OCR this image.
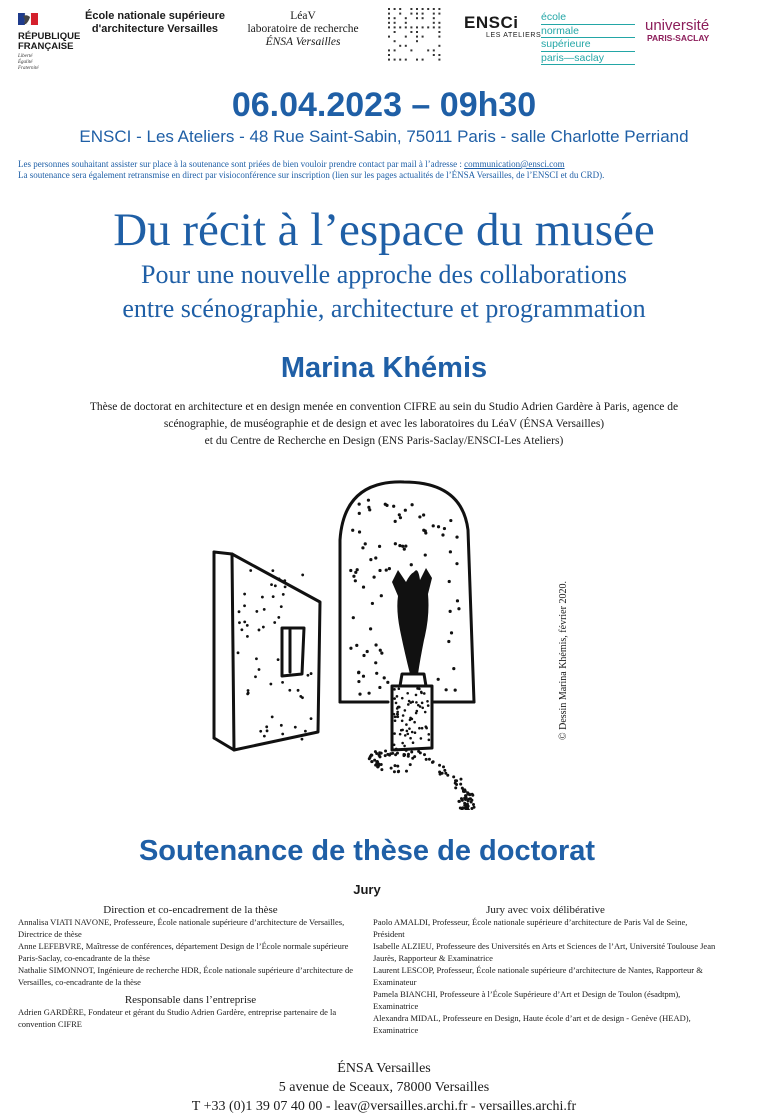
RÉPUBLIQUE
FRANÇAISE
Liberté
Égalité
Fraternité
École nationale supérieure d'architecture Versailles
LéaV
laboratoire de recherche
ÉNSA Versailles
ENSCi
LES ATELIERS
école
normale
supérieure
paris—saclay
université
PARIS-SACLAY
06.04.2023 – 09h30
ENSCI - Les Ateliers - 48 Rue Saint-Sabin, 75011 Paris - salle Charlotte Perriand
Les personnes souhaitant assister sur place à la soutenance sont priées de bien vouloir prendre contact par mail à l’adresse : communication@ensci.com
La soutenance sera également retransmise en direct par visioconférence sur inscription (lien sur les pages actualités de l’ÉNSA Versailles, de l’ENSCI et du CRD).
Du récit à l’espace du musée
Pour une nouvelle approche des collaborations
entre scénographie, architecture et programmation
Marina Khémis
Thèse de doctorat en architecture et en design menée en convention CIFRE au sein du Studio Adrien Gardère à Paris, agence de
scénographie, de muséographie et de design et avec les laboratoires du LéaV (ÉNSA Versailles)
et du Centre de Recherche en Design (ENS Paris-Saclay/ENSCI-Les Ateliers)
© Dessin Marina Khémis, février 2020.
Soutenance de thèse de doctorat
Jury
Direction et co-encadrement de la thèse

Annalisa VIATI NAVONE, Professeure, École nationale supérieure d’architecture de Versailles, Directrice de thèse

Anne LEFEBVRE, Maîtresse de conférences, département Design de l’École normale supérieure Paris-Saclay, co-encadrante de la thèse

Nathalie SIMONNOT, Ingénieure de recherche HDR, École nationale supérieure d’architecture de Versailles, co-encadrante de la thèse

Responsable dans l’entreprise

Adrien GARDÈRE, Fondateur et gérant du Studio Adrien Gardère, entreprise partenaire de la convention CIFRE

Jury avec voix délibérative

Paolo AMALDI, Professeur, École nationale supérieure d’architecture de Paris Val de Seine, Président

Isabelle ALZIEU, Professeure des Universités en Arts et Sciences de l’Art, Université Toulouse Jean Jaurès, Rapporteur & Examinatrice

Laurent LESCOP, Professeur, École nationale supérieure d’architecture de Nantes, Rapporteur & Examinateur

Pamela BIANCHI, Professeure à l’École Supérieure d’Art et Design de Toulon (ésadtpm), Examinatrice

Alexandra MIDAL, Professeure en Design, Haute école d’art et de design - Genève (HEAD), Examinatrice

ÉNSA Versailles
5 avenue de Sceaux, 78000 Versailles
T +33 (0)1 39 07 40 00 - leav@versailles.archi.fr - versailles.archi.fr
